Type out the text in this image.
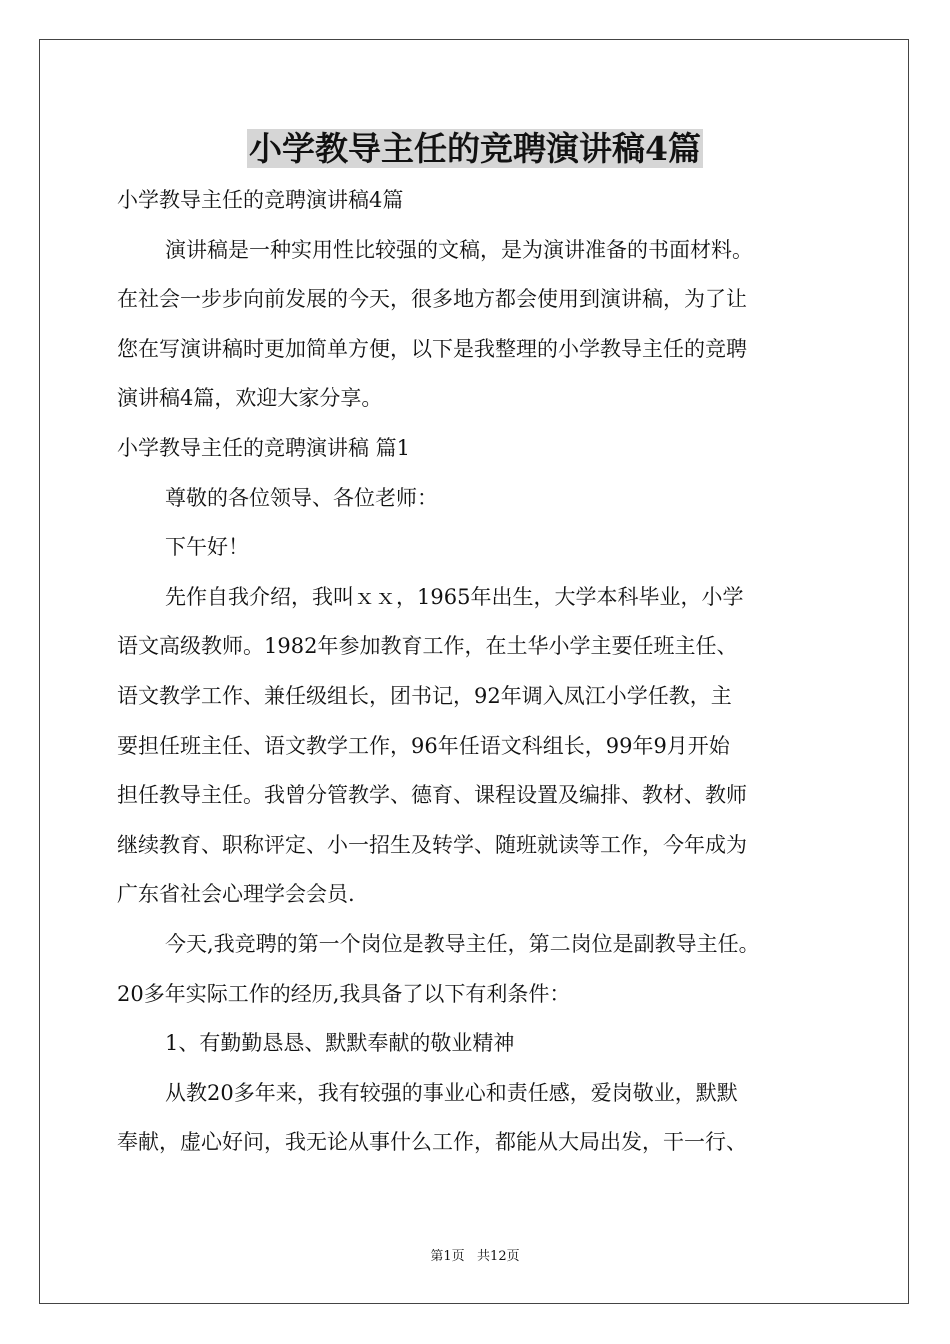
小学教导主任的竞聘演讲稿4篇
小学教导主任的竞聘演讲稿4篇
演讲稿是一种实用性比较强的文稿，是为演讲准备的书面材料。
在社会一步步向前发展的今天，很多地方都会使用到演讲稿，为了让
您在写演讲稿时更加简单方便，以下是我整理的小学教导主任的竞聘
演讲稿4篇，欢迎大家分享。
小学教导主任的竞聘演讲稿 篇1
尊敬的各位领导、各位老师：
下午好！
先作自我介绍，我叫ｘｘ，1965年出生，大学本科毕业，小学
语文高级教师。1982年参加教育工作，在土华小学主要任班主任、
语文教学工作、兼任级组长，团书记，92年调入凤江小学任教，主
要担任班主任、语文教学工作，96年任语文科组长，99年9月开始
担任教导主任。我曾分管教学、德育、课程设置及编排、教材、教师
继续教育、职称评定、小一招生及转学、随班就读等工作，今年成为
广东省社会心理学会会员.
今天,我竞聘的第一个岗位是教导主任，第二岗位是副教导主任。
20多年实际工作的经历,我具备了以下有利条件：
1、有勤勤恳恳、默默奉献的敬业精神
从教20多年来，我有较强的事业心和责任感，爱岗敬业，默默
奉献，虚心好问，我无论从事什么工作，都能从大局出发，干一行、
第1页   共12页
